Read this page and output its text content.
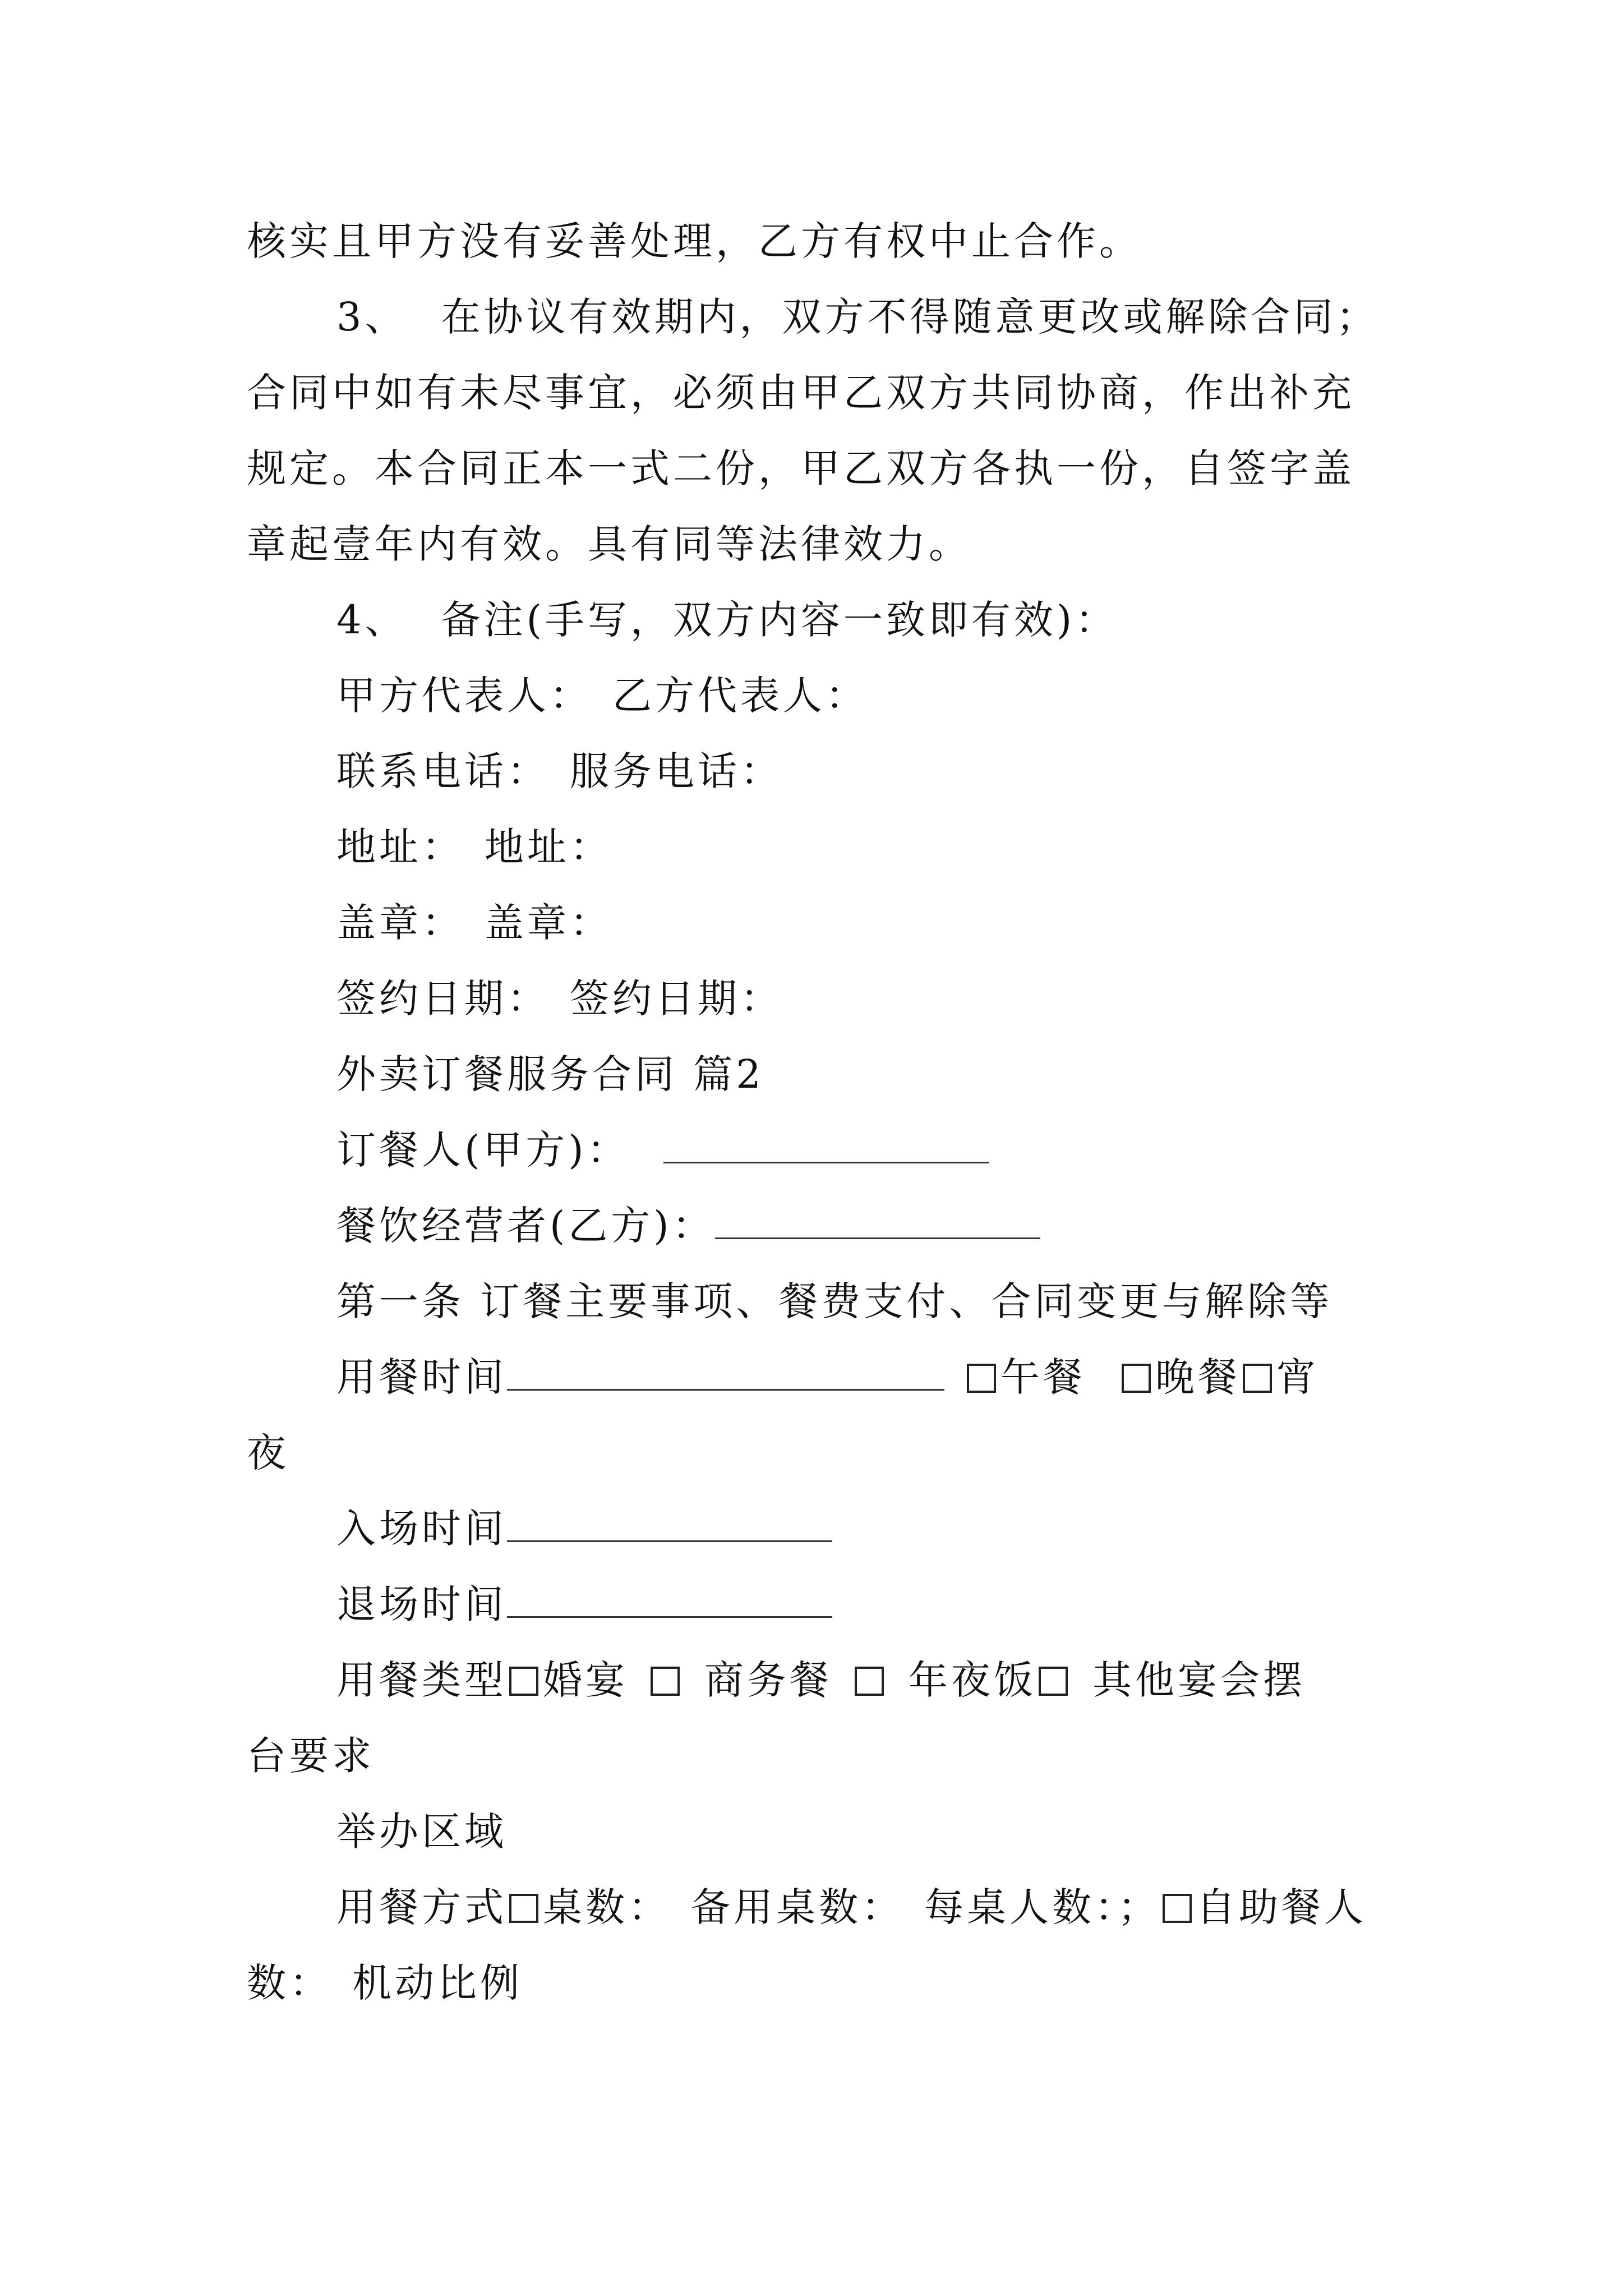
核实且甲方没有妥善处理，乙方有权中止合作。
3、 在协议有效期内，双方不得随意更改或解除合同；
合同中如有未尽事宜，必须由甲乙双方共同协商，作出补充
规定。本合同正本一式二份，甲乙双方各执一份，自签字盖
章起壹年内有效。具有同等法律效力。
4、 备注(手写，双方内容一致即有效)：
甲方代表人： 乙方代表人：
联系电话： 服务电话：
地址： 地址：
盖章： 盖章：
签约日期： 签约日期：
外卖订餐服务合同 篇2
订餐人(甲方)：
餐饮经营者(乙方)：
第一条 订餐主要事项、餐费支付、合同变更与解除等
用餐时间	午餐 晚餐 宵
夜
入场时间
退场时间
用餐类型 婚宴 商务餐 年夜饭 其他宴会摆
台要求
举办区域
用餐方式 桌数： 备用桌数： 每桌人数：； 自助餐人
数： 机动比例
